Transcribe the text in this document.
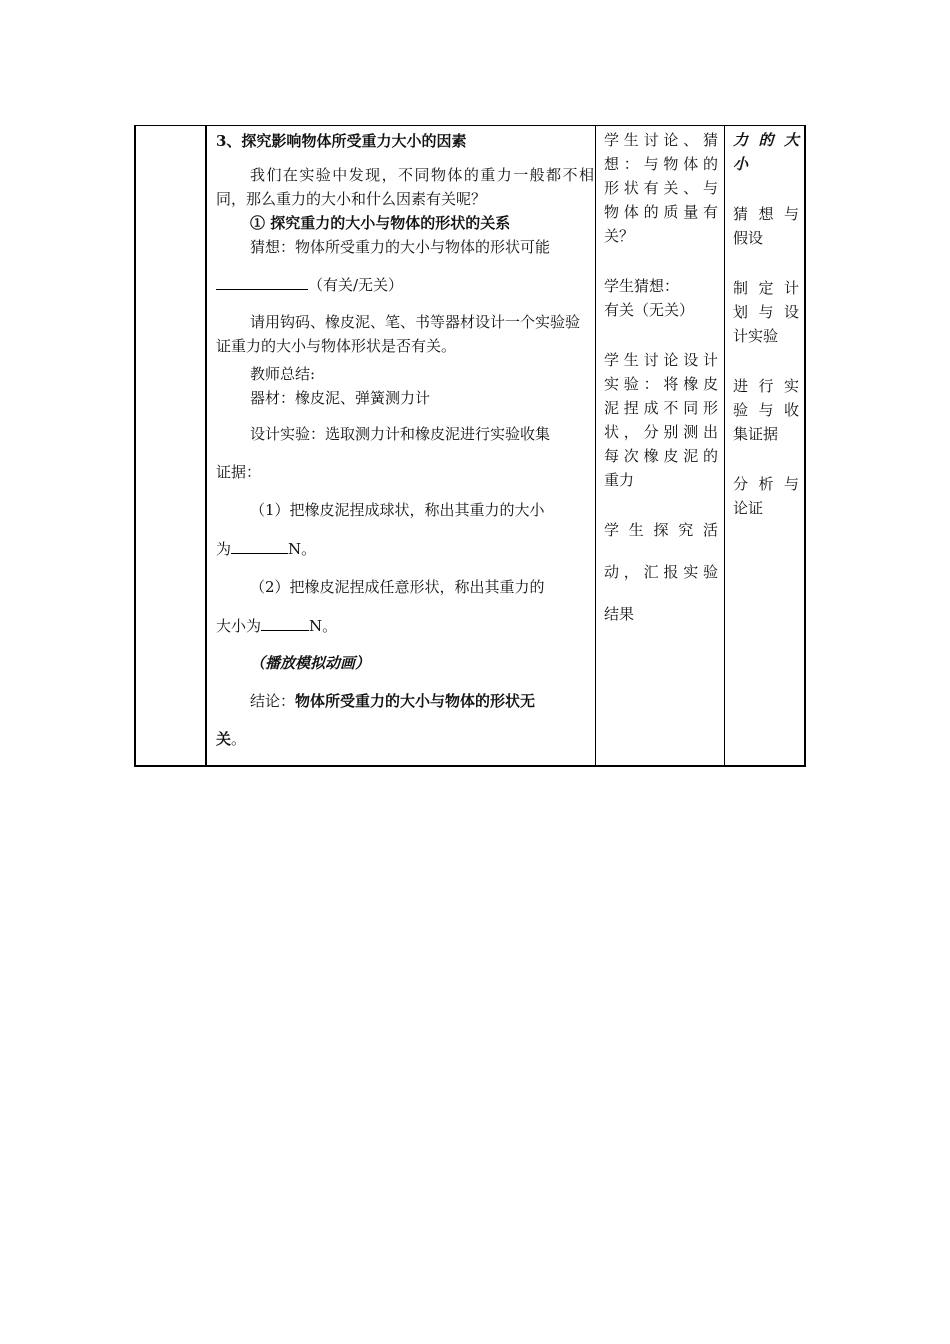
3、探究影响物体所受重力大小的因素

我们在实验中发现，不同物体的重力一般都不相同，那么重力的大小和什么因素有关呢？

① 探究重力的大小与物体的形状的关系

猜想：物体所受重力的大小与物体的形状可能

（有关/无关）

请用钩码、橡皮泥、笔、书等器材设计一个实验验证重力的大小与物体形状是否有关。

教师总结:

器材：橡皮泥、弹簧测力计

设计实验：选取测力计和橡皮泥进行实验收集

证据：

（1）把橡皮泥捏成球状，称出其重力的大小

为	N。

（2）把橡皮泥捏成任意形状，称出其重力的

大小为	N。

（播放模拟动画）

结论：物体所受重力的大小与物体的形状无

关。

学生讨论、猜
想：与物体的
形状有关、与
物体的质量有
关？
学生猜想：
有关（无关）
学生讨论设计
实验：将橡皮
泥捏成不同形
状，分别测出
每次橡皮泥的
重力
学 生 探 究 活
动，汇报实验
结果
力的大
小
猜想与
假设
制定计
划与设
计实验
进行实
验与收
集证据
分析与
论证
